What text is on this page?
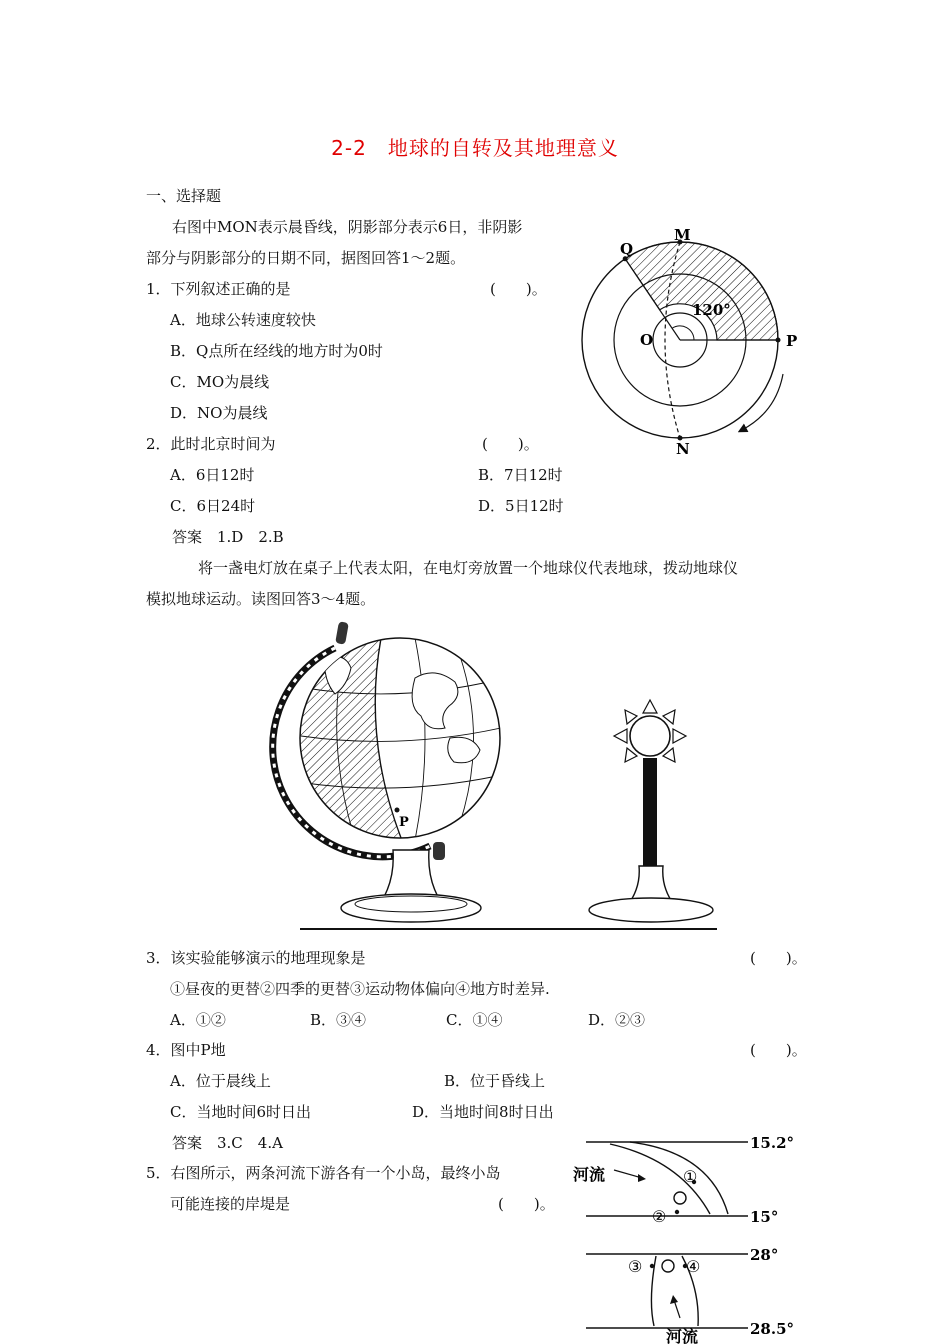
2-2　地球的自转及其地理意义
一、选择题
右图中MON表示晨昏线，阴影部分表示6日，非阴影
部分与阴影部分的日期不同，据图回答1～2题。
1．下列叙述正确的是	(　　)。
A．地球公转速度较快
B．Q点所在经线的地方时为0时
C．MO为晨线
D．NO为晨线
2．此时北京时间为	(　　)。
A．6日12时	B．7日12时
C．6日24时	D．5日12时
答案　1.D　2.B
将一盏电灯放在桌子上代表太阳，在电灯旁放置一个地球仪代表地球，拨动地球仪
模拟地球运动。读图回答3～4题。
3．该实验能够演示的地理现象是	(　　)。
①昼夜的更替②四季的更替③运动物体偏向④地方时差异.
A．①②	B．③④	C．①④	D．②③
4．图中P地	(　　)。
A．位于晨线上	B．位于昏线上
C．当地时间6时日出	D．当地时间8时日出
答案　3.C　4.A
5．右图所示，两条河流下游各有一个小岛，最终小岛
可能连接的岸堤是	(　　)。
M
Q
O	P
N
120°
P
15.2°
15°
28°
28.5°
河流	①
②
③	④
河流
